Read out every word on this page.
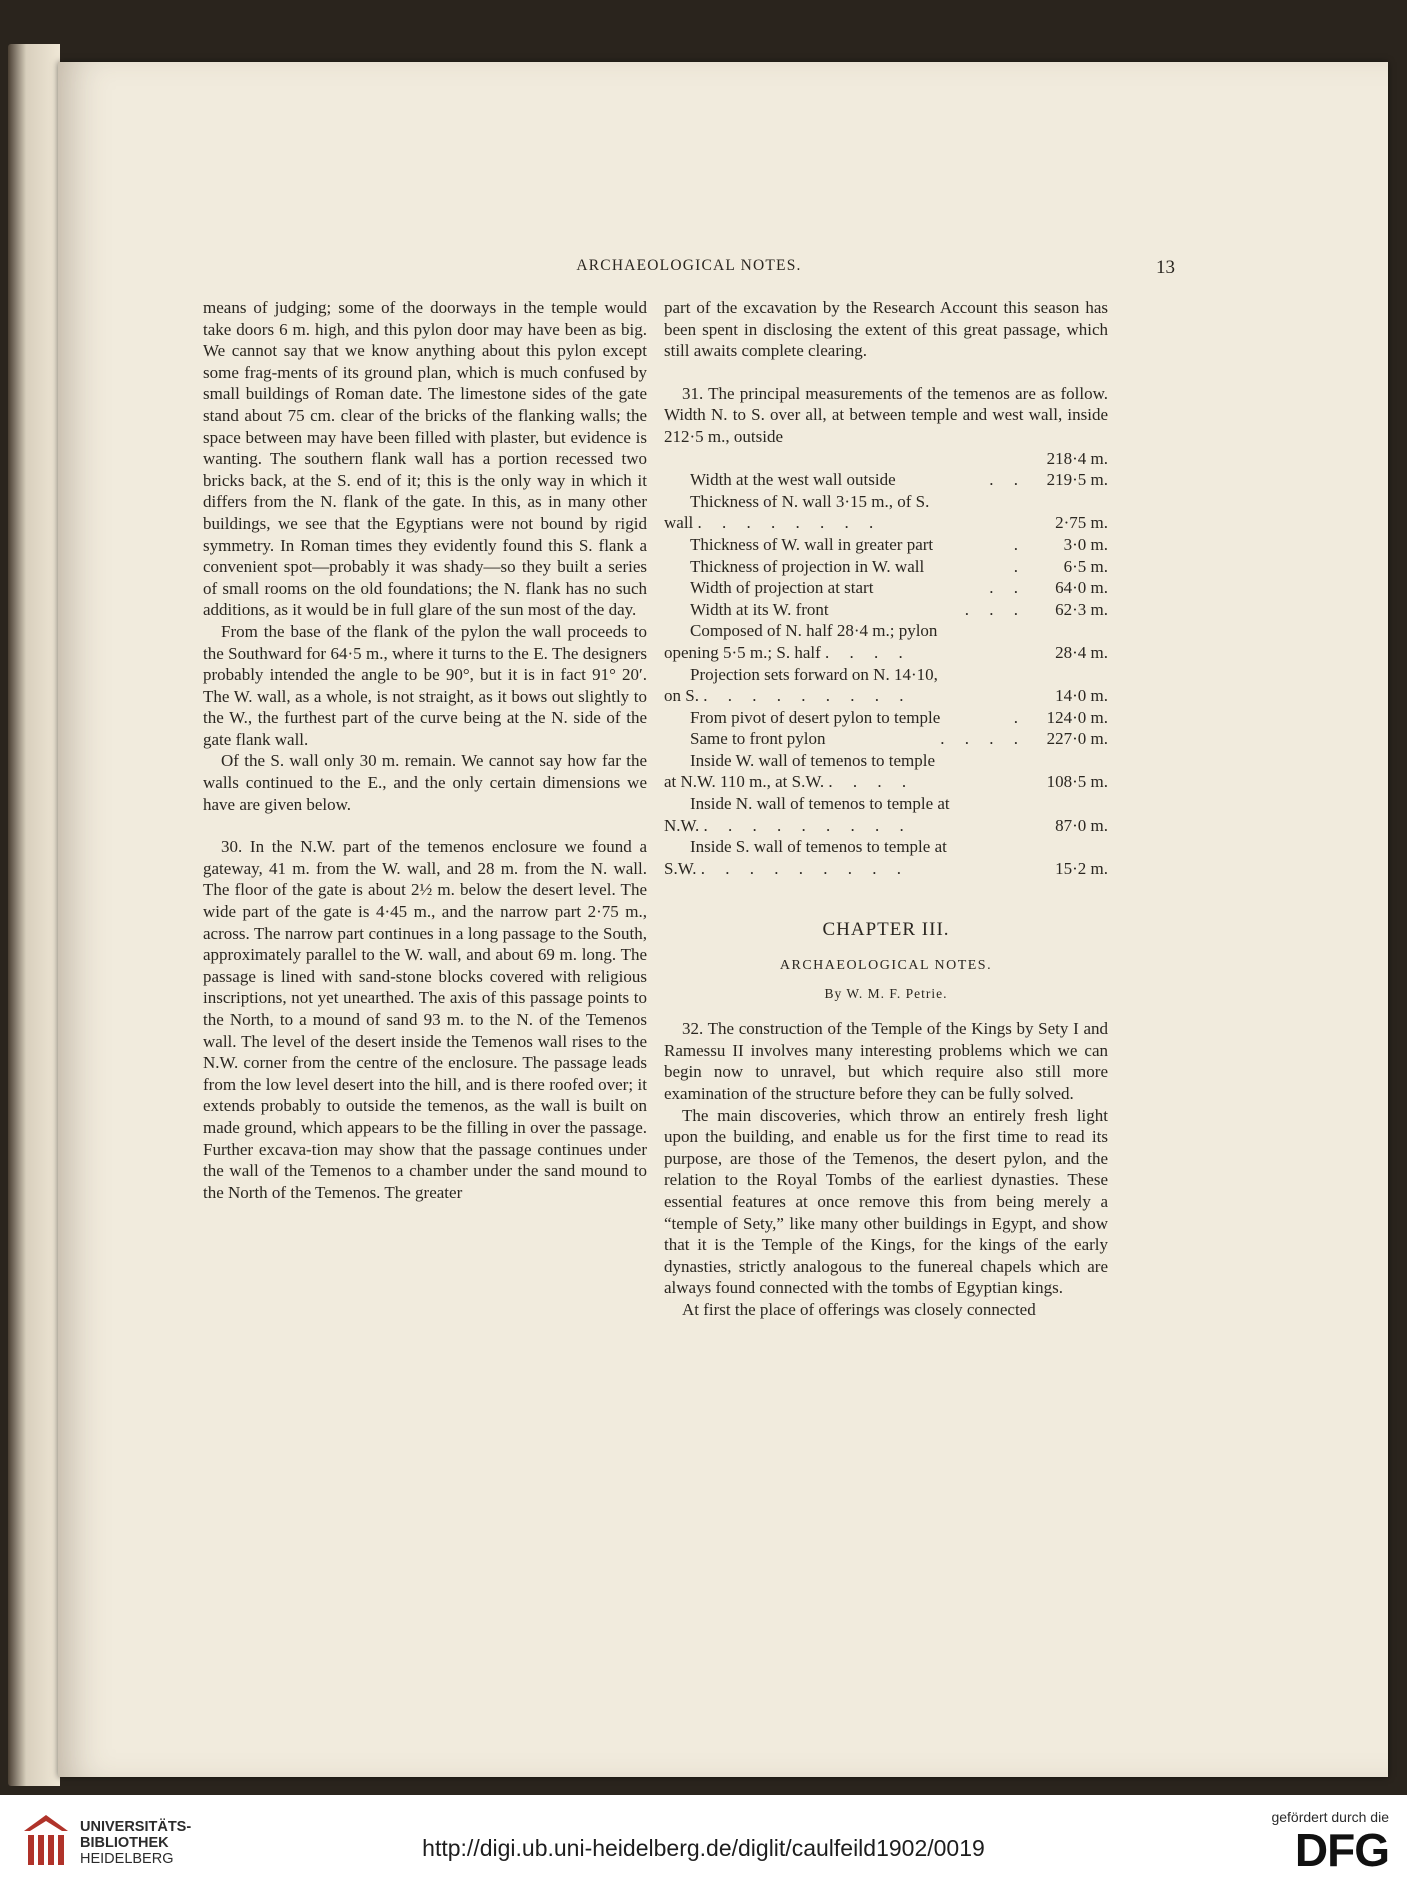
ARCHAEOLOGICAL NOTES.	13

means of judging; some of the doorways in the temple would take doors 6 m. high, and this pylon door may have been as big. We cannot say that we know anything about this pylon except some frag-ments of its ground plan, which is much confused by small buildings of Roman date. The limestone sides of the gate stand about 75 cm. clear of the bricks of the flanking walls; the space between may have been filled with plaster, but evidence is wanting. The southern flank wall has a portion recessed two bricks back, at the S. end of it; this is the only way in which it differs from the N. flank of the gate. In this, as in many other buildings, we see that the Egyptians were not bound by rigid symmetry. In Roman times they evidently found this S. flank a convenient spot—probably it was shady—so they built a series of small rooms on the old foundations; the N. flank has no such additions, as it would be in full glare of the sun most of the day.

From the base of the flank of the pylon the wall proceeds to the Southward for 64·5 m., where it turns to the E. The designers probably intended the angle to be 90°, but it is in fact 91° 20′. The W. wall, as a whole, is not straight, as it bows out slightly to the W., the furthest part of the curve being at the N. side of the gate flank wall.

Of the S. wall only 30 m. remain. We cannot say how far the walls continued to the E., and the only certain dimensions we have are given below.

30. In the N.W. part of the temenos enclosure we found a gateway, 41 m. from the W. wall, and 28 m. from the N. wall. The floor of the gate is about 2½ m. below the desert level. The wide part of the gate is 4·45 m., and the narrow part 2·75 m., across. The narrow part continues in a long passage to the South, approximately parallel to the W. wall, and about 69 m. long. The passage is lined with sand-stone blocks covered with religious inscriptions, not yet unearthed. The axis of this passage points to the North, to a mound of sand 93 m. to the N. of the Temenos wall. The level of the desert inside the Temenos wall rises to the N.W. corner from the centre of the enclosure. The passage leads from the low level desert into the hill, and is there roofed over; it extends probably to outside the temenos, as the wall is built on made ground, which appears to be the filling in over the passage. Further excava-tion may show that the passage continues under the wall of the Temenos to a chamber under the sand mound to the North of the Temenos. The greater

part of the excavation by the Research Account this season has been spent in disclosing the extent of this great passage, which still awaits complete clearing.

31. The principal measurements of the temenos are as follow. Width N. to S. over all, at between temple and west wall, inside 212·5 m., outside

218·4 m.
Width at the west wall outside	. . 219·5 m.
Thickness of N. wall 3·15 m., of S.
wall . . . . . . . .	2·75 m.
Thickness of W. wall in greater part	. 3·0 m.
Thickness of projection in W. wall	. 6·5 m.
Width of projection at start	. . 64·0 m.
Width at its W. front	. . . 62·3 m.
Composed of N. half 28·4 m.; pylon
opening 5·5 m.; S. half . . . .	28·4 m.
Projection sets forward on N. 14·10,
on S. . . . . . . . . .	14·0 m.
From pivot of desert pylon to temple	. 124·0 m.
Same to front pylon	. . . . 227·0 m.
Inside W. wall of temenos to temple
at N.W. 110 m., at S.W. . . . .	108·5 m.
Inside N. wall of temenos to temple at
N.W. . . . . . . . . .	87·0 m.
Inside S. wall of temenos to temple at
S.W. . . . . . . . . .	15·2 m.
CHAPTER III.
ARCHAEOLOGICAL NOTES.
By W. M. F. Petrie.

32. The construction of the Temple of the Kings by Sety I and Ramessu II involves many interesting problems which we can begin now to unravel, but which require also still more examination of the structure before they can be fully solved.

The main discoveries, which throw an entirely fresh light upon the building, and enable us for the first time to read its purpose, are those of the Temenos, the desert pylon, and the relation to the Royal Tombs of the earliest dynasties. These essential features at once remove this from being merely a “temple of Sety,” like many other buildings in Egypt, and show that it is the Temple of the Kings, for the kings of the early dynasties, strictly analogous to the funereal chapels which are always found connected with the tombs of Egyptian kings.

At first the place of offerings was closely connected

UNIVERSITÄTS-
BIBLIOTHEK
HEIDELBERG	http://digi.ub.uni-heidelberg.de/diglit/caulfeild1902/0019
gefördert durch die
DFG
